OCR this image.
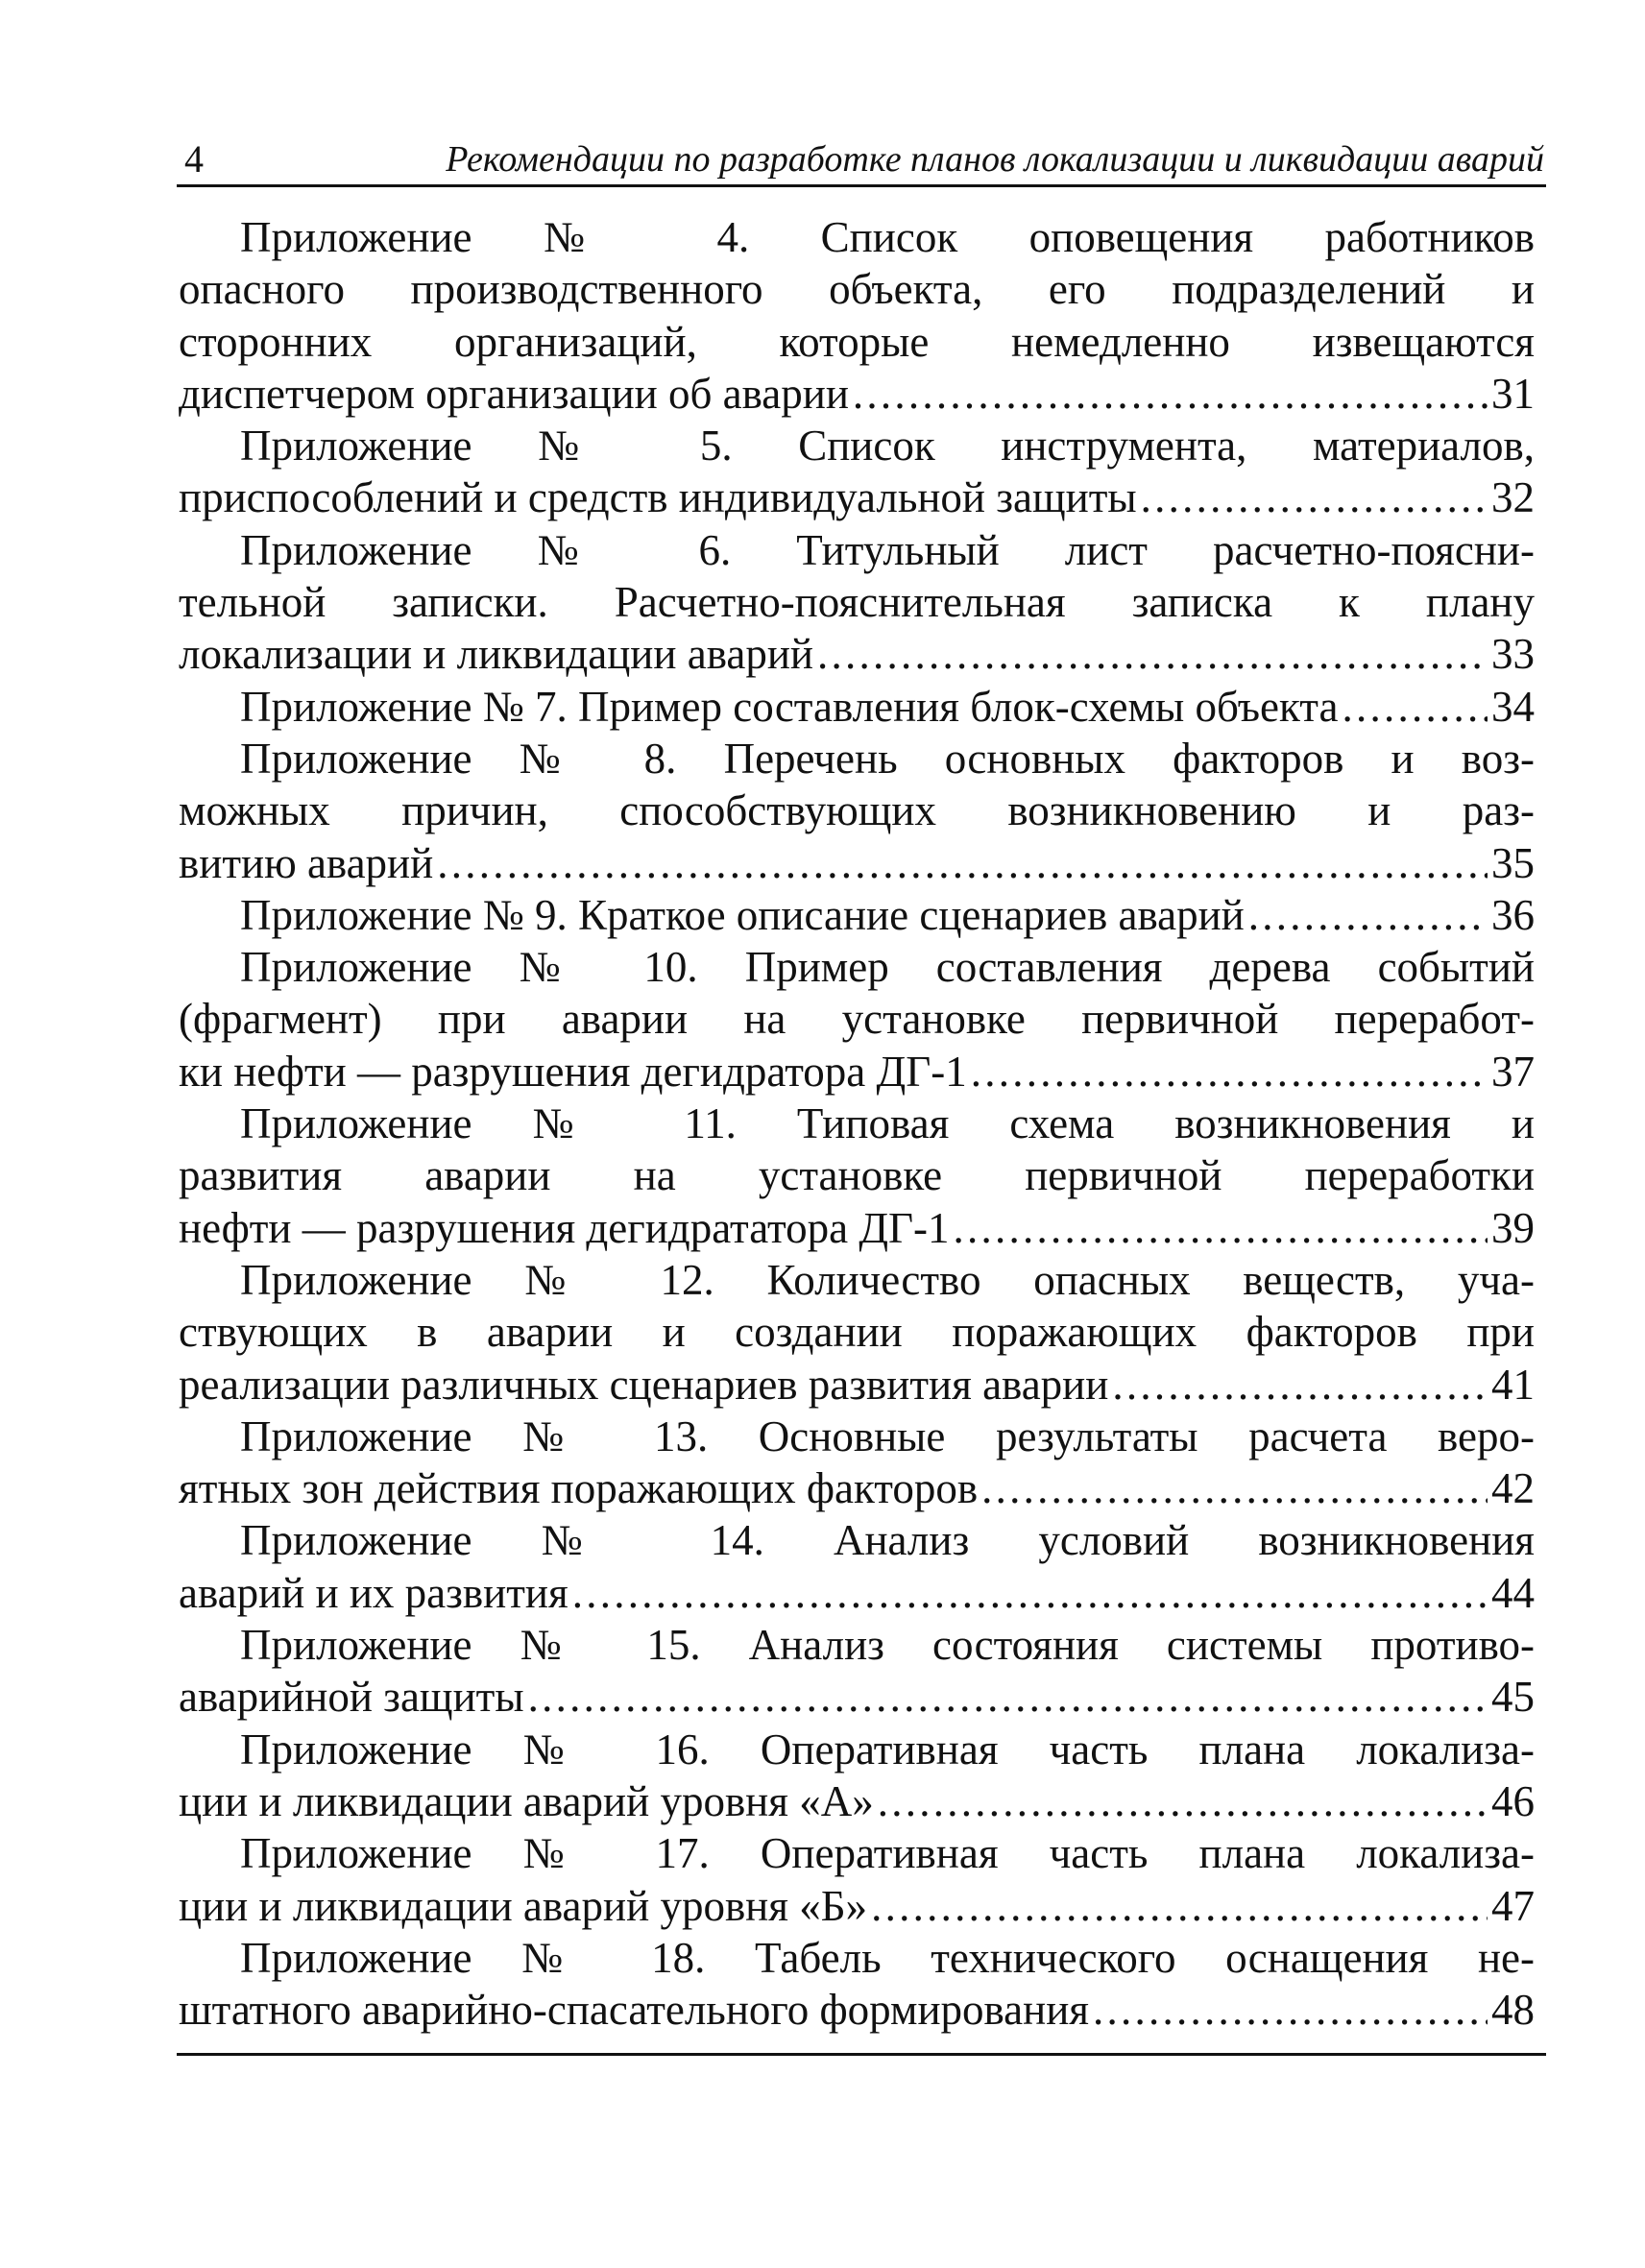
4	Рекомендации по разработке планов локализации и ликвидации аварий
Приложение № 4. Список оповещения работников
опасного производственного объекта, его подразделений и
сторонних организаций, которые немедленно извещаются
диспетчером организации об аварии . . .	31
Приложение № 5. Список инструмента, материалов,
приспособлений и средств индивидуальной защиты . . .	32
Приложение № 6. Титульный лист расчетно-поясни-
тельной записки. Расчетно-пояснительная записка к плану
локализации и ликвидации аварий . . .	33
Приложение № 7. Пример составления блок-схемы объекта . . .	34
Приложение № 8. Перечень основных факторов и воз-
можных причин, способствующих возникновению и раз-
витию аварий . . .	35
Приложение № 9. Краткое описание сценариев аварий . . .	36
Приложение № 10. Пример составления дерева событий
(фрагмент) при аварии на установке первичной переработ-
ки нефти — разрушения дегидратора ДГ-1 . . .	37
Приложение № 11. Типовая схема возникновения и
развития аварии на установке первичной переработки
нефти — разрушения дегидрататора ДГ-1 . . .	39
Приложение № 12. Количество опасных веществ, уча-
ствующих в аварии и создании поражающих факторов при
реализации различных сценариев развития аварии . . .	41
Приложение № 13. Основные результаты расчета веро-
ятных зон действия поражающих факторов . . .	42
Приложение № 14. Анализ условий возникновения
аварий и их развития . . .	44
Приложение № 15. Анализ состояния системы противо-
аварийной защиты . . .	45
Приложение № 16. Оперативная часть плана локализа-
ции и ликвидации аварий уровня «А» . . .	46
Приложение № 17. Оперативная часть плана локализа-
ции и ликвидации аварий уровня «Б» . . .	47
Приложение № 18. Табель технического оснащения не-
штатного аварийно-спасательного формирования . . .	48
